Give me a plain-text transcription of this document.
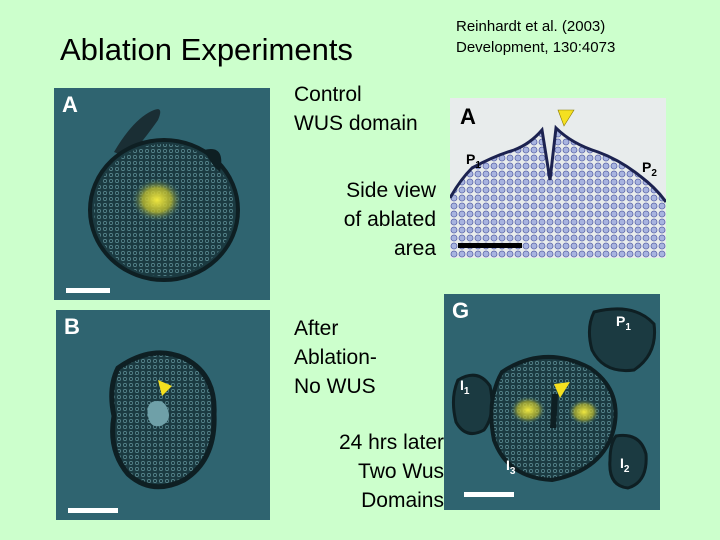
Ablation Experiments
Reinhardt et al. (2003)
Development, 130:4073
Control
WUS domain
Side view
of ablated
area
After
Ablation-
No WUS
24 hrs later
Two Wus
Domains
A
B
A
$P_1$	$P_2$
G	$P_1$
$I_1$
$I_2$
$I_3$
